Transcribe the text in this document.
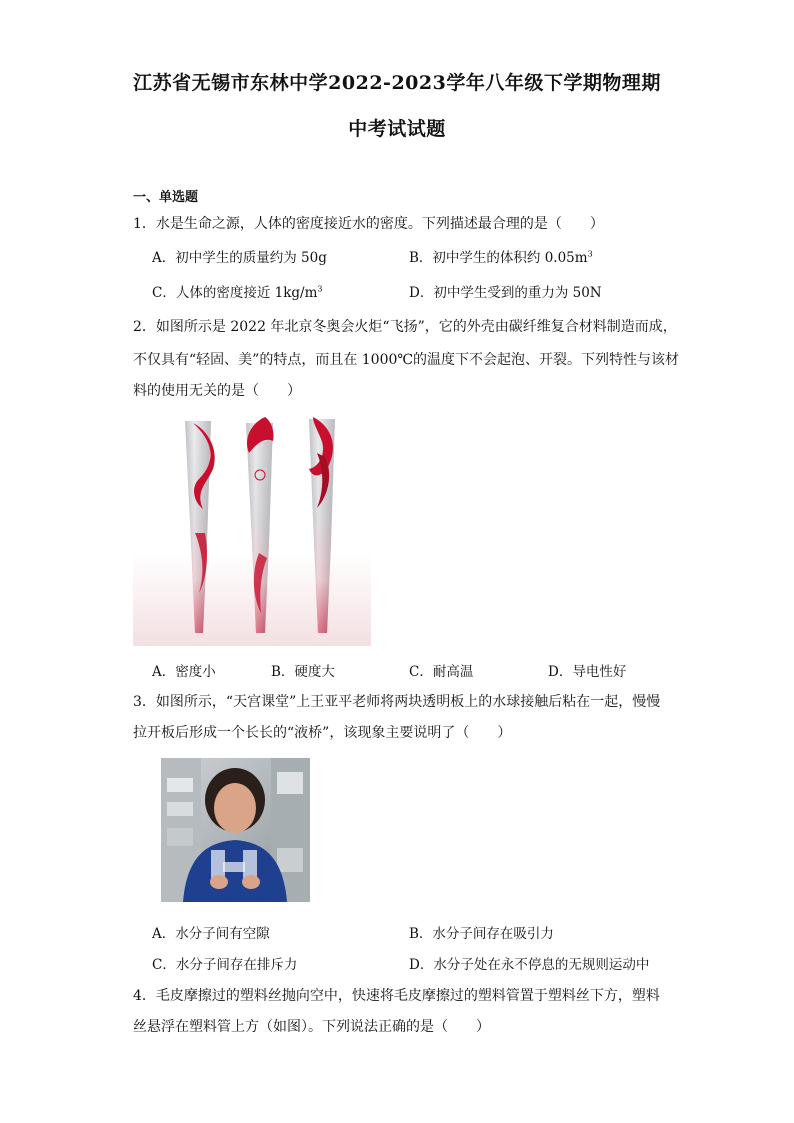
江苏省无锡市东林中学2022-2023学年八年级下学期物理期
中考试试题
一、单选题
1．水是生命之源，人体的密度接近水的密度。下列描述最合理的是（　　）
A．初中学生的质量约为 50g	B．初中学生的体积约 $0.05m^3$
C．人体的密度接近 $1kg/m^3$	D．初中学生受到的重力为 50N
2．如图所示是 2022 年北京冬奥会火炬“飞扬”，它的外壳由碳纤维复合材料制造而成，
不仅具有“轻固、美”的特点，而且在 1000℃的温度下不会起泡、开裂。下列特性与该材
料的使用无关的是（　　）
A．密度小	B．硬度大	C．耐高温	D．导电性好
3．如图所示，“天宫课堂”上王亚平老师将两块透明板上的水球接触后粘在一起，慢慢
拉开板后形成一个长长的“液桥”，该现象主要说明了（　　）
A．水分子间有空隙	B．水分子间存在吸引力
C．水分子间存在排斥力	D．水分子处在永不停息的无规则运动中
4．毛皮摩擦过的塑料丝抛向空中，快速将毛皮摩擦过的塑料管置于塑料丝下方，塑料
丝悬浮在塑料管上方（如图）。下列说法正确的是（　　）
